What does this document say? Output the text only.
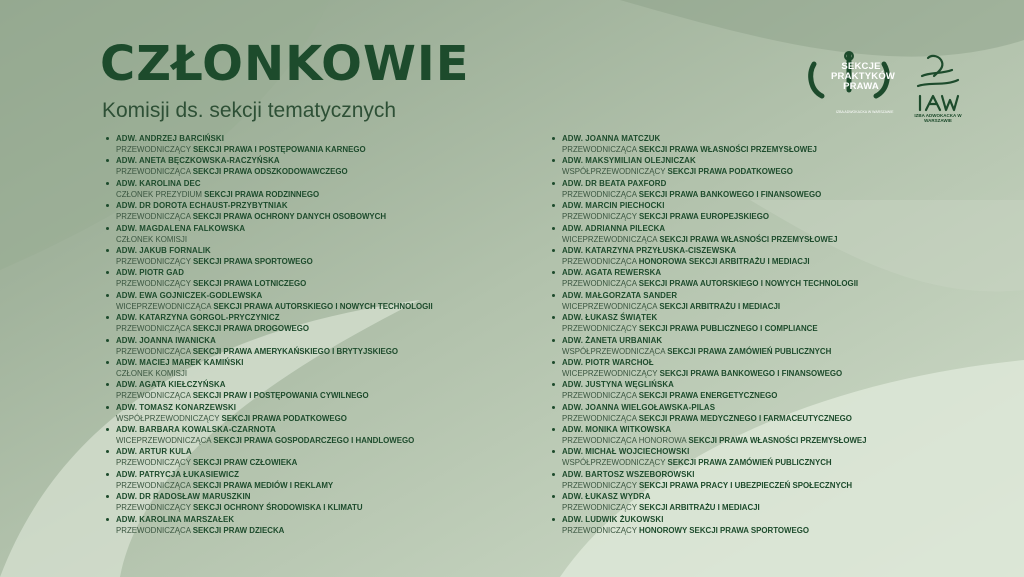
CZŁONKOWIE

Komisji ds. sekcji tematycznych

SEKCJE PRAKTYKÓW PRAWA
IZBA ADWOKACKA W WARSZAWIE
IZBA ADWOKACKA W WARSZAWIE
ADW. ANDRZEJ BARCIŃSKI
PRZEWODNICZĄCY SEKCJI PRAWA I POSTĘPOWANIA KARNEGO
ADW. ANETA BĘCZKOWSKA-RACZYŃSKA
PRZEWODNICZĄCA SEKCJI PRAWA ODSZKODOWAWCZEGO
ADW. KAROLINA DEC
CZŁONEK PREZYDIUM SEKCJI PRAWA RODZINNEGO
ADW. DR DOROTA ECHAUST-PRZYBYTNIAK
PRZEWODNICZĄCA SEKCJI PRAWA OCHRONY DANYCH OSOBOWYCH
ADW. MAGDALENA FALKOWSKA
CZŁONEK KOMISJI
ADW. JAKUB FORNALIK
PRZEWODNICZĄCY SEKCJI PRAWA SPORTOWEGO
ADW. PIOTR GAD
PRZEWODNICZĄCY SEKCJI PRAWA LOTNICZEGO
ADW. EWA GOJNICZEK-GODLEWSKA
WICEPRZEWODNICZĄCA SEKCJI PRAWA AUTORSKIEGO I NOWYCH TECHNOLOGII
ADW. KATARZYNA GORGOL-PRYCZYNICZ
PRZEWODNICZĄCA SEKCJI PRAWA DROGOWEGO
ADW. JOANNA IWANICKA
PRZEWODNICZĄCA SEKCJI PRAWA AMERYKAŃSKIEGO I BRYTYJSKIEGO
ADW. MACIEJ MAREK KAMIŃSKI
CZŁONEK KOMISJI
ADW. AGATA KIEŁCZYŃSKA
PRZEWODNICZĄCA SEKCJI PRAW I POSTĘPOWANIA CYWILNEGO
ADW. TOMASZ KONARZEWSKI
WSPÓŁPRZEWODNICZĄCY SEKCJI PRAWA PODATKOWEGO
ADW. BARBARA KOWALSKA-CZARNOTA
WICEPRZEWODNICZĄCA SEKCJI PRAWA GOSPODARCZEGO I HANDLOWEGO
ADW. ARTUR KULA
PRZEWODNICZĄCY SEKCJI PRAW CZŁOWIEKA
ADW. PATRYCJA ŁUKASIEWICZ
PRZEWODNICZĄCA SEKCJI PRAWA MEDIÓW I REKLAMY
ADW. DR RADOSŁAW MARUSZKIN
PRZEWODNICZĄCY SEKCJI OCHRONY ŚRODOWISKA I KLIMATU
ADW. KAROLINA MARSZAŁEK
PRZEWODNICZĄCA SEKCJI PRAW DZIECKA
ADW. JOANNA MATCZUK
PRZEWODNICZĄCA SEKCJI PRAWA WŁASNOŚCI PRZEMYSŁOWEJ
ADW. MAKSYMILIAN OLEJNICZAK
WSPÓŁPRZEWODNICZĄCY SEKCJI PRAWA PODATKOWEGO
ADW. DR BEATA PAXFORD
PRZEWODNICZĄCA SEKCJI PRAWA BANKOWEGO I FINANSOWEGO
ADW. MARCIN PIECHOCKI
PRZEWODNICZĄCY SEKCJI PRAWA EUROPEJSKIEGO
ADW. ADRIANNA PILECKA
WICEPRZEWODNICZĄCA SEKCJI PRAWA WŁASNOŚCI PRZEMYSŁOWEJ
ADW. KATARZYNA PRZYŁUSKA-CISZEWSKA
PRZEWODNICZĄCA HONOROWA SEKCJI ARBITRAŻU I MEDIACJI
ADW. AGATA REWERSKA
PRZEWODNICZĄCA SEKCJI PRAWA AUTORSKIEGO I NOWYCH TECHNOLOGII
ADW. MAŁGORZATA SANDER
WICEPRZEWODNICZĄCA SEKCJI ARBITRAŻU I MEDIACJI
ADW. ŁUKASZ ŚWIĄTEK
PRZEWODNICZĄCY SEKCJI PRAWA PUBLICZNEGO I COMPLIANCE
ADW. ŻANETA URBANIAK
WSPÓŁPRZEWODNICZĄCA SEKCJI PRAWA ZAMÓWIEŃ PUBLICZNYCH
ADW. PIOTR WARCHOŁ
WICEPRZEWODNICZĄCY SEKCJI PRAWA BANKOWEGO I FINANSOWEGO
ADW. JUSTYNA WĘGLIŃSKA
PRZEWODNICZĄCA SEKCJI PRAWA ENERGETYCZNEGO
ADW. JOANNA WIELGOŁAWSKA-PILAS
PRZEWODNICZĄCA SEKCJI PRAWA MEDYCZNEGO I FARMACEUTYCZNEGO
ADW. MONIKA WITKOWSKA
PRZEWODNICZĄCA HONOROWA SEKCJI PRAWA WŁASNOŚCI PRZEMYSŁOWEJ
ADW. MICHAŁ WOJCIECHOWSKI
WSPÓŁPRZEWODNICZĄCY SEKCJI PRAWA ZAMÓWIEŃ PUBLICZNYCH
ADW. BARTOSZ WSZEBOROWSKI
PRZEWODNICZĄCY SEKCJI PRAWA PRACY I UBEZPIECZEŃ SPOŁECZNYCH
ADW. ŁUKASZ WYDRA
PRZEWODNICZĄCY SEKCJI ARBITRAŻU I MEDIACJI
ADW. LUDWIK ŻUKOWSKI
PRZEWODNICZĄCY HONOROWY SEKCJI PRAWA SPORTOWEGO
